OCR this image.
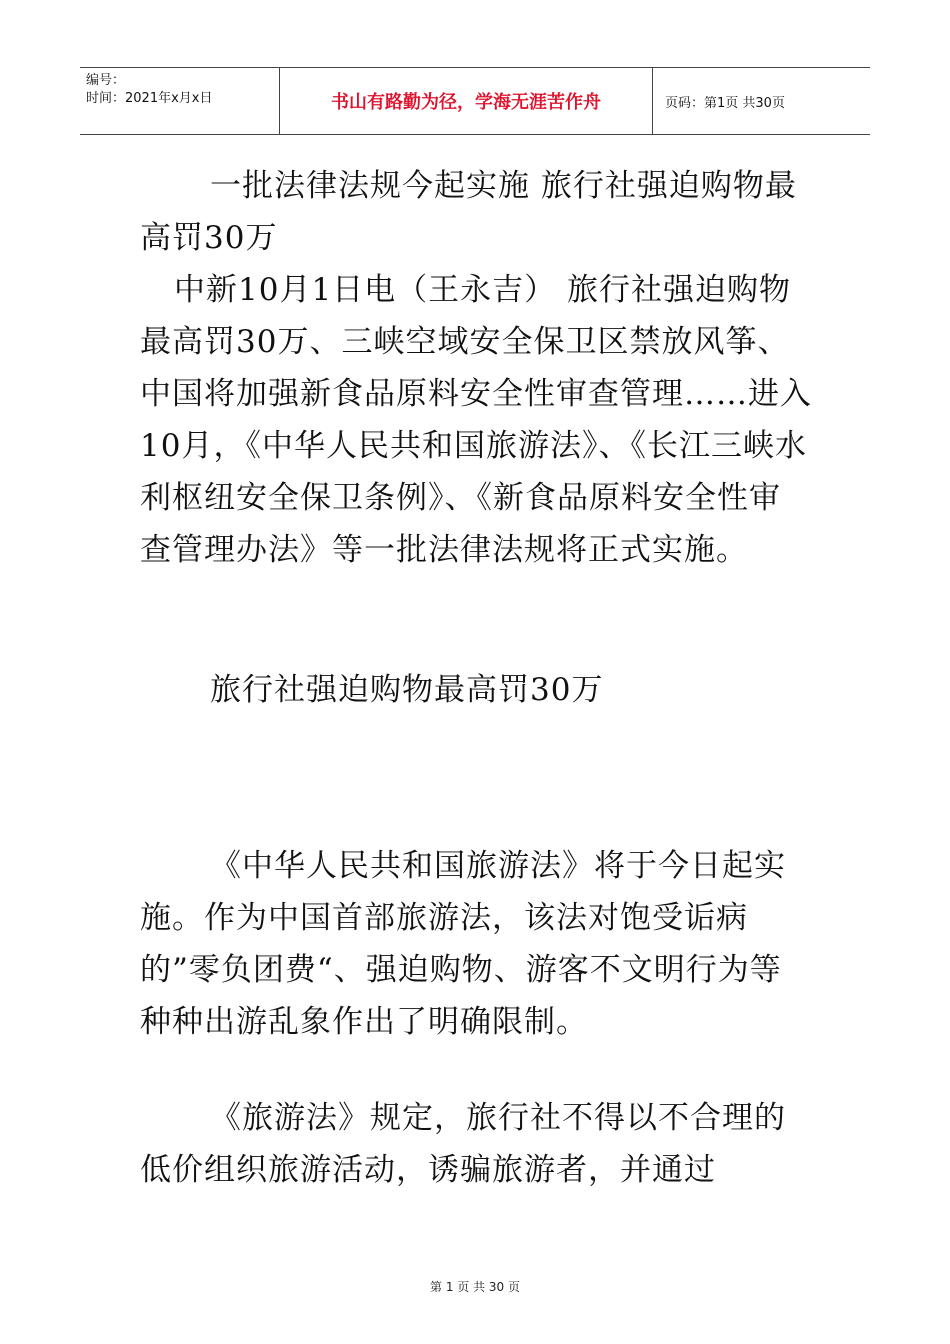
编号：
时间：2021年x月x日	书山有路勤为径，学海无涯苦作舟	页码：第1页 共30页

一批法律法规今起实施 旅行社强迫购物最高罚30万

中新10月1日电（王永吉） 旅行社强迫购物最高罚30万、三峡空域安全保卫区禁放风筝、中国将加强新食品原料安全性审查管理……进入10月，《中华人民共和国旅游法》、《长江三峡水利枢纽安全保卫条例》、《新食品原料安全性审查管理办法》等一批法律法规将正式实施。

旅行社强迫购物最高罚30万

《中华人民共和国旅游法》将于今日起实施。作为中国首部旅游法，该法对饱受诟病的”零负团费“、强迫购物、游客不文明行为等种种出游乱象作出了明确限制。

《旅游法》规定，旅行社不得以不合理的低价组织旅游活动，诱骗旅游者，并通过

第 1 页 共 30 页
